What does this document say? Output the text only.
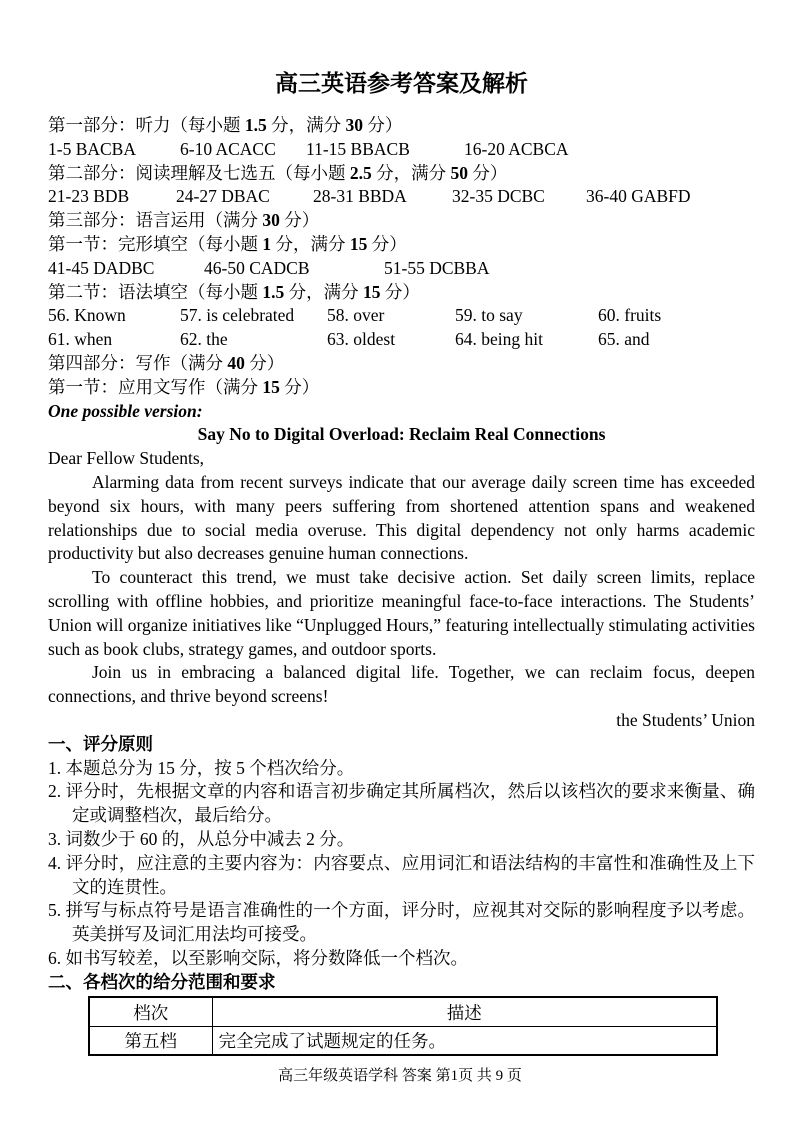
高三英语参考答案及解析
第一部分：听力（每小题 1.5 分，满分 30 分）
1-5 BACBA	6-10 ACACC	11-15 BBACB	16-20 ACBCA
第二部分：阅读理解及七选五（每小题 2.5 分，满分 50 分）
21-23 BDB	24-27 DBAC	28-31 BBDA	32-35 DCBC	36-40 GABFD
第三部分：语言运用（满分 30 分）
第一节：完形填空（每小题 1 分，满分 15 分）
41-45 DADBC	46-50 CADCB	51-55 DCBBA
第二节：语法填空（每小题 1.5 分，满分 15 分）
56. Known	57. is celebrated	58. over	59. to say	60. fruits
61. when	62. the	63. oldest	64. being hit	65. and
第四部分：写作（满分 40 分）
第一节：应用文写作（满分 15 分）
One possible version:
Say No to Digital Overload: Reclaim Real Connections
Dear Fellow Students,
Alarming data from recent surveys indicate that our average daily screen time has exceeded beyond six hours, with many peers suffering from shortened attention spans and weakened relationships due to social media overuse. This digital dependency not only harms academic productivity but also decreases genuine human connections.
To counteract this trend, we must take decisive action. Set daily screen limits, replace scrolling with offline hobbies, and prioritize meaningful face-to-face interactions. The Students’ Union will organize initiatives like “Unplugged Hours,” featuring intellectually stimulating activities such as book clubs, strategy games, and outdoor sports.
Join us in embracing a balanced digital life. Together, we can reclaim focus, deepen connections, and thrive beyond screens!
the Students’ Union
一、评分原则
1. 本题总分为 15 分，按 5 个档次给分。
2. 评分时，先根据文章的内容和语言初步确定其所属档次，然后以该档次的要求来衡量、确定或调整档次，最后给分。
3. 词数少于 60 的，从总分中减去 2 分。
4. 评分时，应注意的主要内容为：内容要点、应用词汇和语法结构的丰富性和准确性及上下文的连贯性。
5. 拼写与标点符号是语言准确性的一个方面，评分时，应视其对交际的影响程度予以考虑。英美拼写及词汇用法均可接受。
6. 如书写较差，以至影响交际，将分数降低一个档次。
二、各档次的给分范围和要求
档次	描述
第五档	完全完成了试题规定的任务。
高三年级英语学科 答案 第1页 共 9 页
